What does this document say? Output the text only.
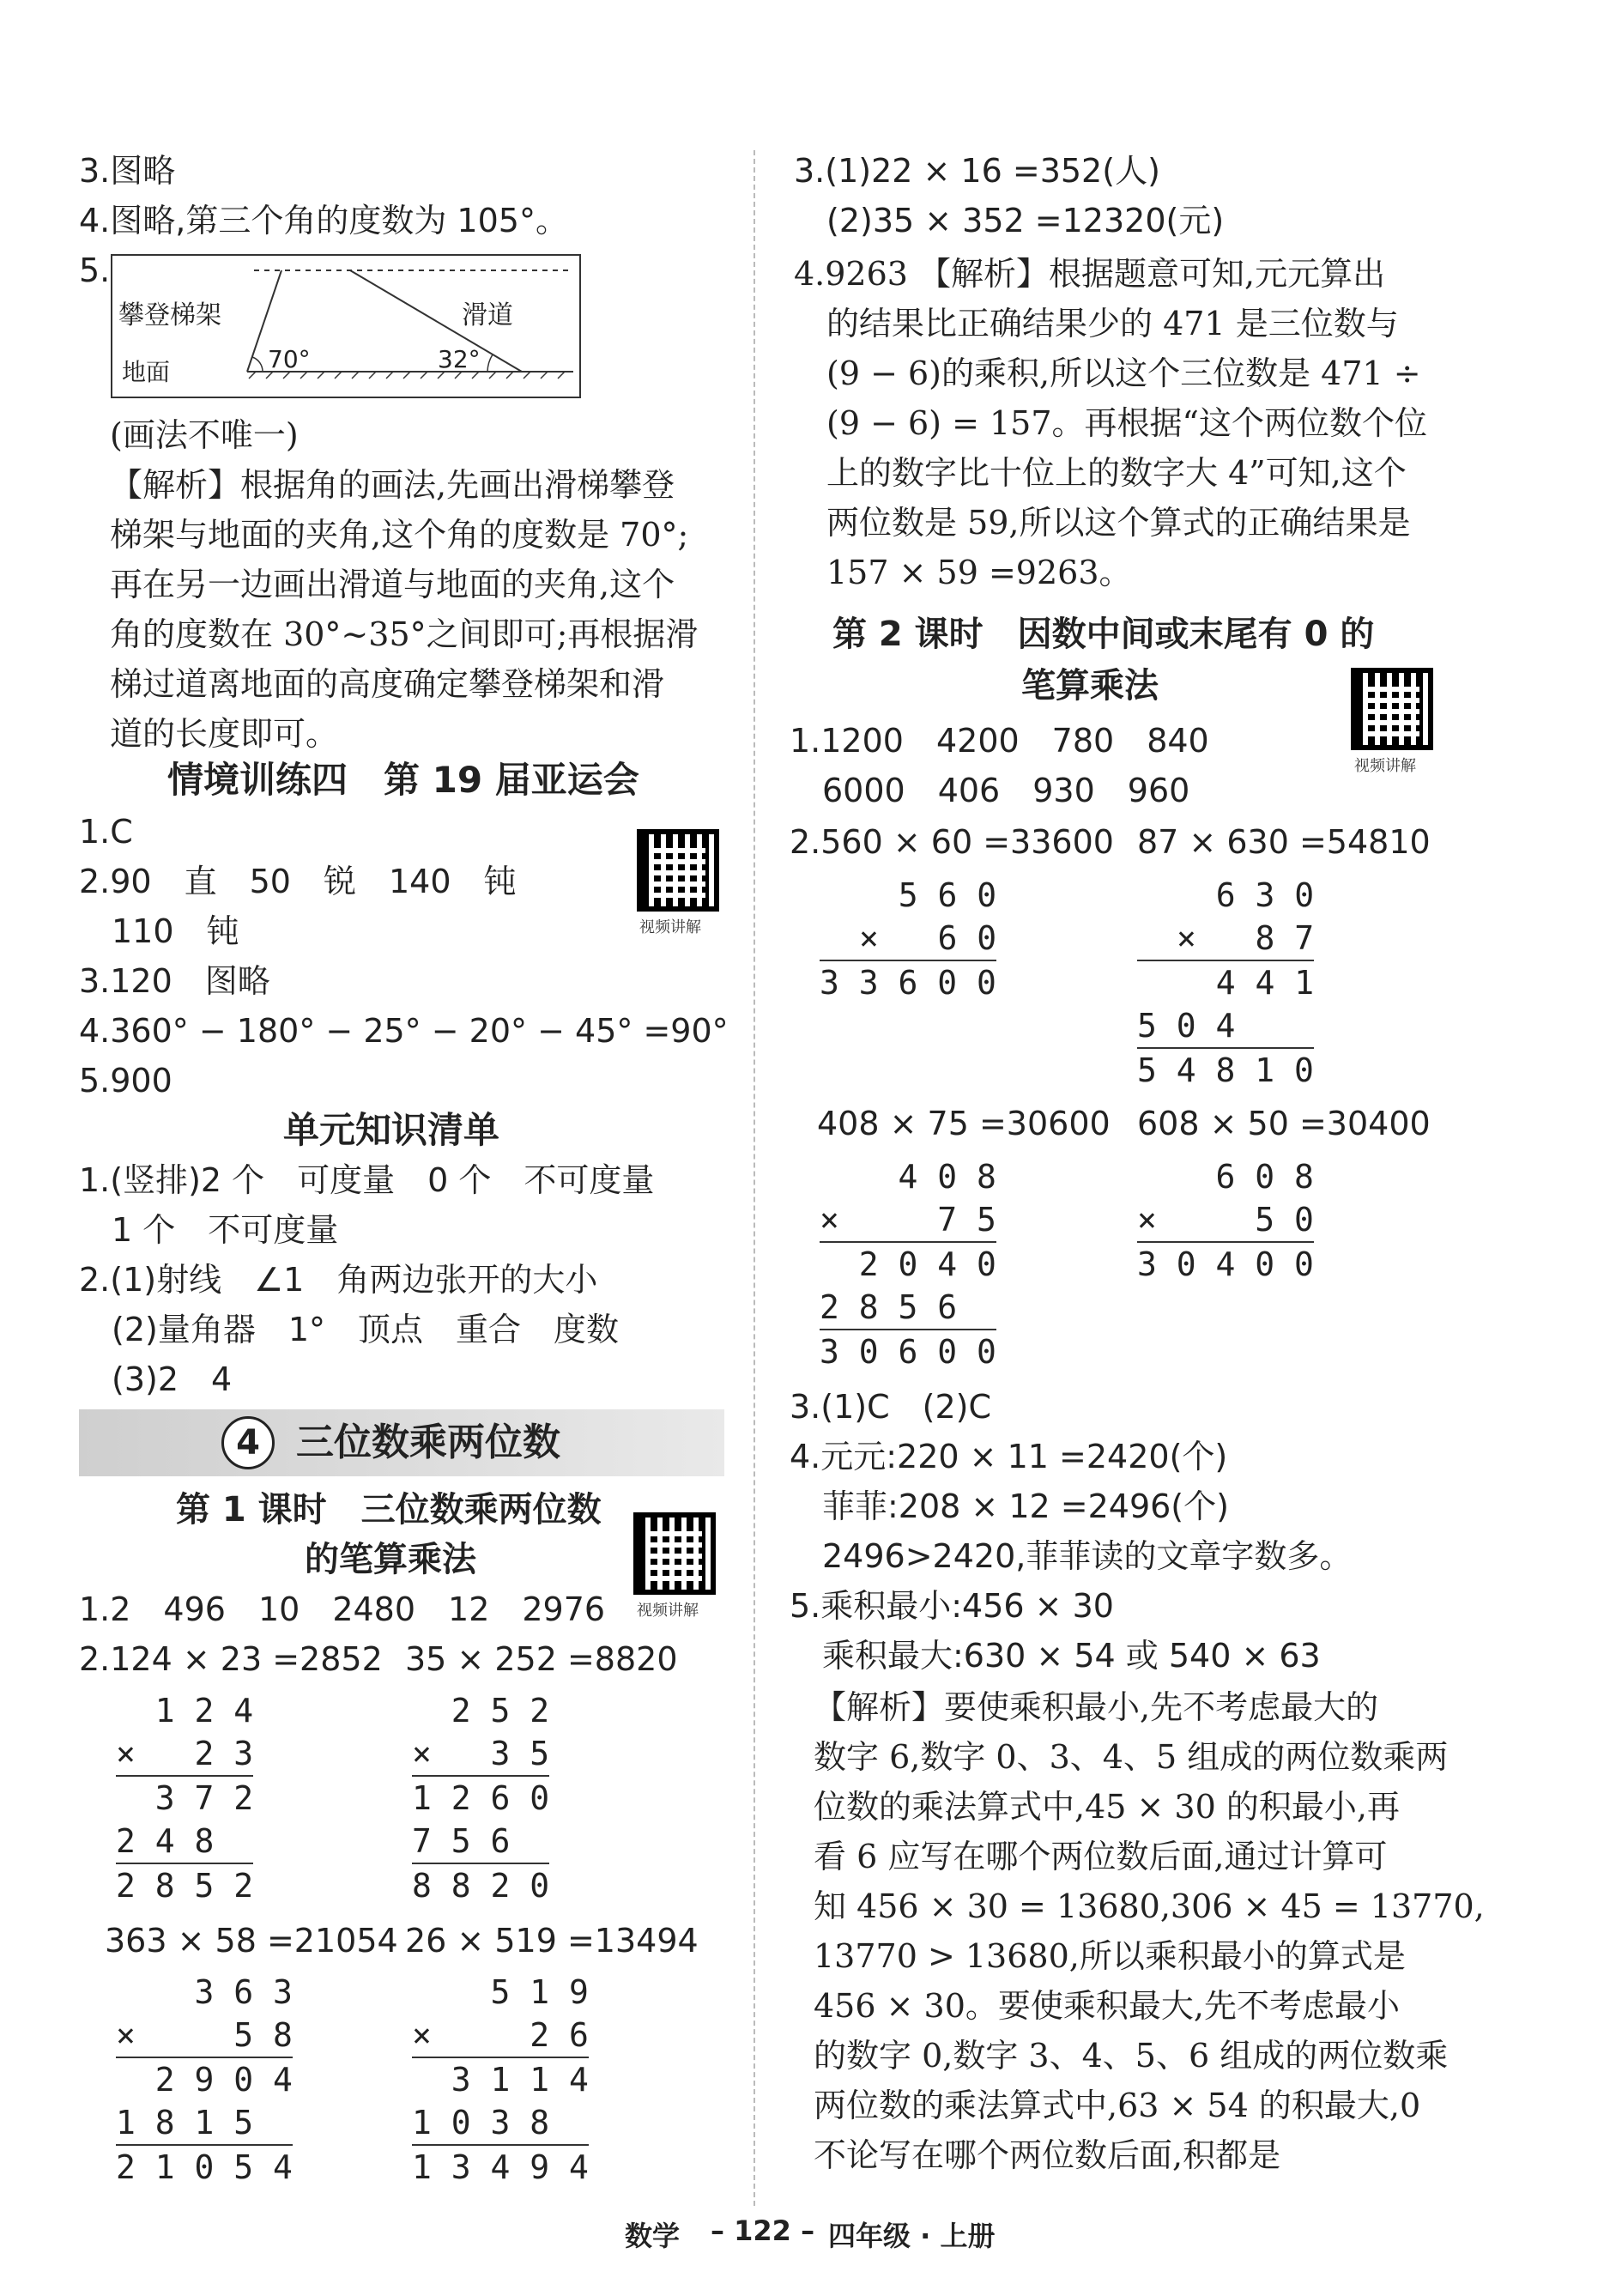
3.图略
4.图略,第三个角的度数为 105°。
5.
攀登梯架	滑道
地面	70°	32°
(画法不唯一)
【解析】根据角的画法,先画出滑梯攀登
梯架与地面的夹角,这个角的度数是 70°;
再在另一边画出滑道与地面的夹角,这个
角的度数在 30°~35°之间即可;再根据滑
梯过道离地面的高度确定攀登梯架和滑
道的长度即可。
情境训练四　第 19 届亚运会
视频讲解
1.C
2.90　直　50　锐　140　钝
　110　钝
3.120　图略
4.360° − 180° − 25° − 20° − 45° =90°
5.900
单元知识清单
1.(竖排)2 个　可度量　0 个　不可度量
　1 个　不可度量
2.(1)射线　∠1　角两边张开的大小
　(2)量角器　1°　顶点　重合　度数
　(3)2　4
4 三位数乘两位数
第 1 课时　三位数乘两位数
的笔算乘法
视频讲解
1.2　496　10　2480　12　2976
2.124 × 23 =2852 35 × 252 =8820
1 2 4
×   2 3
3 7 2
2 4 8
2 8 5 2
2 5 2
×   3 5
1 2 6 0
7 5 6
8 8 2 0
363 × 58 =21054 26 × 519 =13494
3 6 3
×     5 8
2 9 0 4
1 8 1 5
2 1 0 5 4
5 1 9
×     2 6
3 1 1 4
1 0 3 8
1 3 4 9 4
3.(1)22 × 16 =352(人)
　(2)35 × 352 =12320(元)
4.9263 【解析】根据题意可知,元元算出
　的结果比正确结果少的 471 是三位数与
　(9 − 6)的乘积,所以这个三位数是 471 ÷
　(9 − 6) = 157。再根据“这个两位数个位
　上的数字比十位上的数字大 4”可知,这个
　两位数是 59,所以这个算式的正确结果是
　157 × 59 =9263。
第 2 课时　因数中间或末尾有 0 的
笔算乘法
视频讲解
1.1200　4200　780　840
　6000　406　930　960
2.560 × 60 =33600 87 × 630 =54810
5 6 0
×   6 0
3 3 6 0 0
6 3 0
×   8 7
4 4 1
5 0 4
5 4 8 1 0
408 × 75 =30600 608 × 50 =30400
4 0 8
×     7 5
2 0 4 0
2 8 5 6
3 0 6 0 0
6 0 8
×     5 0
3 0 4 0 0
3.(1)C　(2)C
4.元元:220 × 11 =2420(个)
　菲菲:208 × 12 =2496(个)
　2496>2420,菲菲读的文章字数多。
5.乘积最小:456 × 30
　乘积最大:630 × 54 或 540 × 63
【解析】要使乘积最小,先不考虑最大的
数字 6,数字 0、3、4、5 组成的两位数乘两
位数的乘法算式中,45 × 30 的积最小,再
看 6 应写在哪个两位数后面,通过计算可
知 456 × 30 = 13680,306 × 45 = 13770,
13770 > 13680,所以乘积最小的算式是
456 × 30。要使乘积最大,先不考虑最小
的数字 0,数字 3、4、5、6 组成的两位数乘
两位数的乘法算式中,63 × 54 的积最大,0
不论写在哪个两位数后面,积都是
数学 – 122 – 四年级 · 上册
